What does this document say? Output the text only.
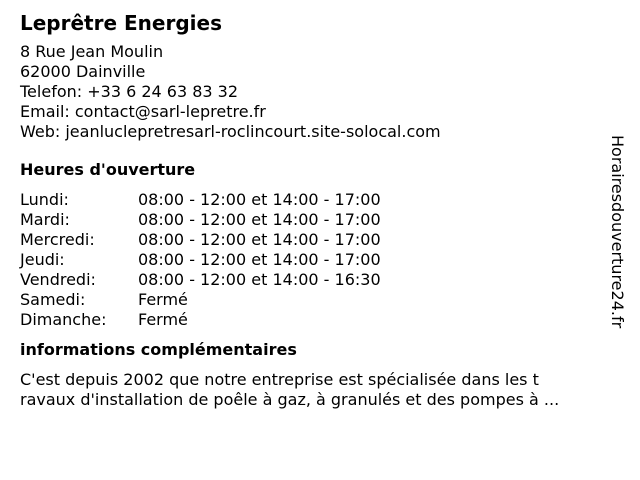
Leprêtre Energies
8 Rue Jean Moulin
62000 Dainville
Telefon: +33 6 24 63 83 32
Email: contact@sarl-lepretre.fr
Web: jeanluclepretresarl-roclincourt.site-solocal.com
Heures d'ouverture
Lundi:	08:00 - 12:00 et 14:00 - 17:00
Mardi:	08:00 - 12:00 et 14:00 - 17:00
Mercredi:	08:00 - 12:00 et 14:00 - 17:00
Jeudi:	08:00 - 12:00 et 14:00 - 17:00
Vendredi:	08:00 - 12:00 et 14:00 - 16:30
Samedi:	Fermé
Dimanche:	Fermé
informations complémentaires
C'est depuis 2002 que notre entreprise est spécialisée dans les t
ravaux d'installation de poêle à gaz, à granulés et des pompes à ...
Horairesdouverture24.fr
